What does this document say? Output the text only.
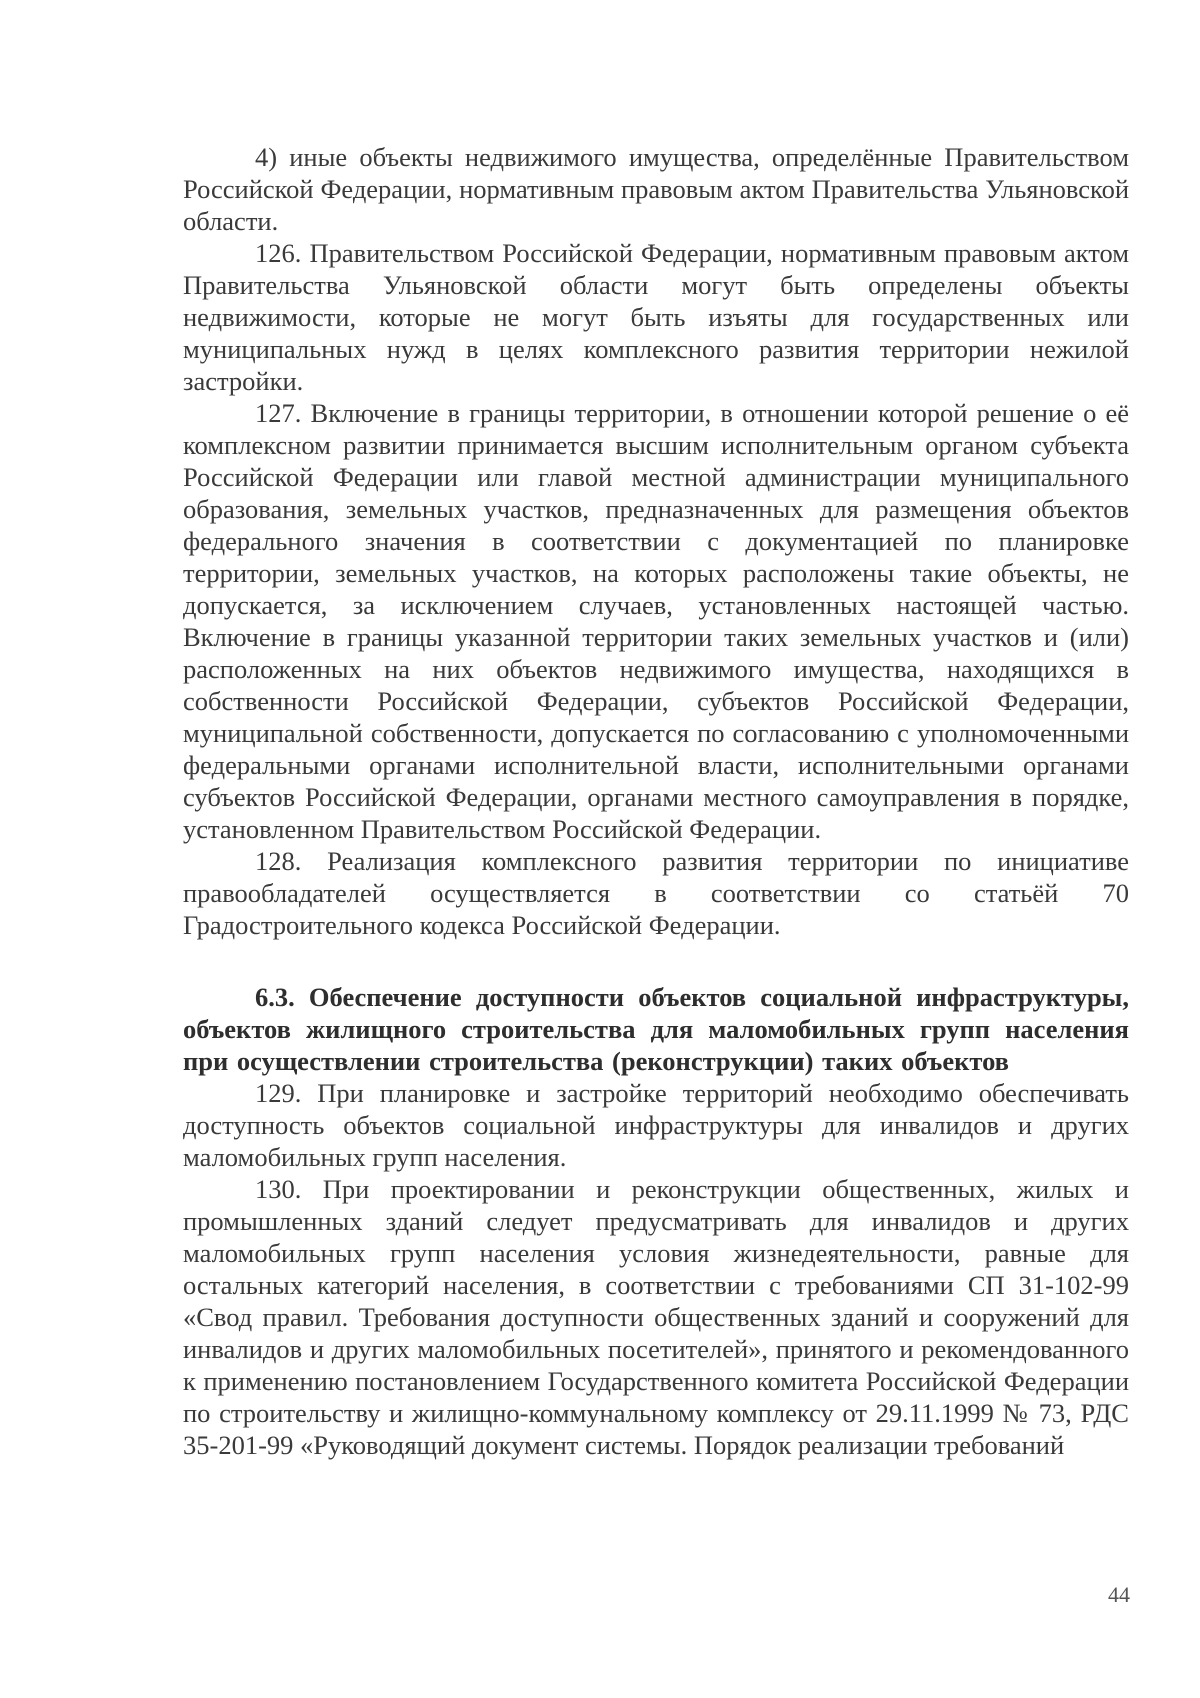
4) иные объекты недвижимого имущества, определённые Правительством Российской Федерации, нормативным правовым актом Правительства Ульяновской области.

126. Правительством Российской Федерации, нормативным правовым актом Правительства Ульяновской области могут быть определены объекты недвижимости, которые не могут быть изъяты для государственных или муниципальных нужд в целях комплексного развития территории нежилой застройки.

127. Включение в границы территории, в отношении которой решение о её комплексном развитии принимается высшим исполнительным органом субъекта Российской Федерации или главой местной администрации муниципального образования, земельных участков, предназначенных для размещения объектов федерального значения в соответствии с документацией по планировке территории, земельных участков, на которых расположены такие объекты, не допускается, за исключением случаев, установленных настоящей частью. Включение в границы указанной территории таких земельных участков и (или) расположенных на них объектов недвижимого имущества, находящихся в собственности Российской Федерации, субъектов Российской Федерации, муниципальной собственности, допускается по согласованию с уполномоченными федеральными органами исполнительной власти, исполнительными органами субъектов Российской Федерации, органами местного самоуправления в порядке, установленном Правительством Российской Федерации.

128. Реализация комплексного развития территории по инициативе правообладателей осуществляется в соответствии со статьёй 70 Градостроительного кодекса Российской Федерации.

6.3. Обеспечение доступности объектов социальной инфраструктуры, объектов жилищного строительства для маломобильных групп населения при осуществлении строительства (реконструкции) таких объектов

129. При планировке и застройке территорий необходимо обеспечивать доступность объектов социальной инфраструктуры для инвалидов и других маломобильных групп населения.

130. При проектировании и реконструкции общественных, жилых и промышленных зданий следует предусматривать для инвалидов и других маломобильных групп населения условия жизнедеятельности, равные для остальных категорий населения, в соответствии с требованиями СП 31-102-99 «Свод правил. Требования доступности общественных зданий и сооружений для инвалидов и других маломобильных посетителей», принятого и рекомендованного к применению постановлением Государственного комитета Российской Федерации по строительству и жилищно-коммунальному комплексу от 29.11.1999 № 73, РДС 35-201-99 «Руководящий документ системы. Порядок реализации требований

44
